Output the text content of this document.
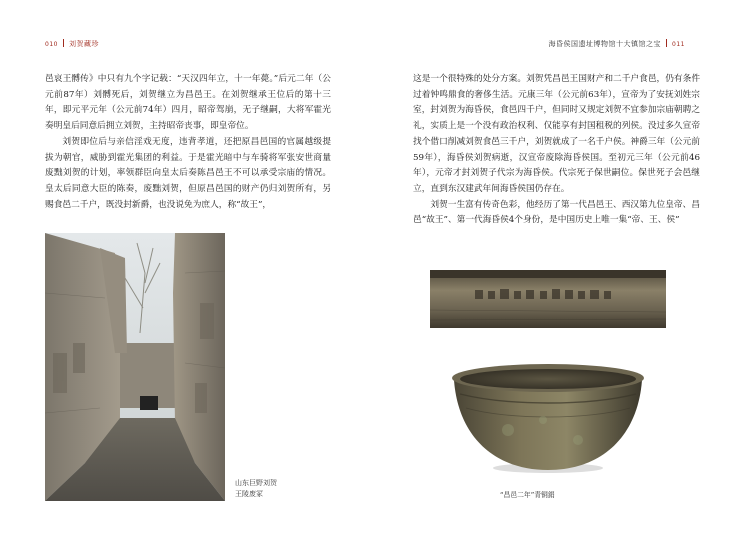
010 刘贺藏珍

邑哀王髆传》中只有九个字记载：“天汉四年立，十一年薨。”后元二年（公元前87年）刘髆死后，刘贺继立为昌邑王。在刘贺继承王位后的第十三年，即元平元年（公元前74年）四月，昭帝驾崩，无子继嗣，大将军霍光奏明皇后同意后拥立刘贺，主持昭帝丧事，即皇帝位。

刘贺即位后与亲信淫戏无度，违背孝道，还把原昌邑国的官属越级提拔为朝官，威胁到霍光集团的利益。于是霍光暗中与车骑将军张安世商量废黜刘贺的计划，率领群臣向皇太后奏陈昌邑王不可以承受宗庙的情况。皇太后同意大臣的陈奏，废黜刘贺，但原昌邑国的财产仍归刘贺所有，另赐食邑二千户，既没封新爵，也没说免为庶人，称“故王”，

山东巨野刘贺
王陵废冢
海昏侯国遗址博物馆十大镇馆之宝 011

这是一个很特殊的处分方案。刘贺凭昌邑王国财产和二千户食邑，仍有条件过着钟鸣鼎食的奢侈生活。元康三年（公元前63年），宣帝为了安抚刘姓宗室，封刘贺为海昏侯，食邑四千户，但同时又规定刘贺不宜参加宗庙朝聘之礼，实质上是一个没有政治权利、仅能享有封国租税的列侯。没过多久宣帝找个借口削减刘贺食邑三千户，刘贺就成了一名千户侯。神爵三年（公元前59年），海昏侯刘贺病逝，汉宣帝废除海昏侯国。至初元三年（公元前46年），元帝才封刘贺子代宗为海昏侯。代宗死子保世嗣位。保世死子会邑继立，直到东汉建武年间海昏侯国仍存在。

刘贺一生富有传奇色彩，他经历了第一代昌邑王、西汉第九位皇帝、昌邑“故王”、第一代海昏侯4个身份，是中国历史上唯一集“帝、王、侯”

“昌邑二年”青铜鋗
